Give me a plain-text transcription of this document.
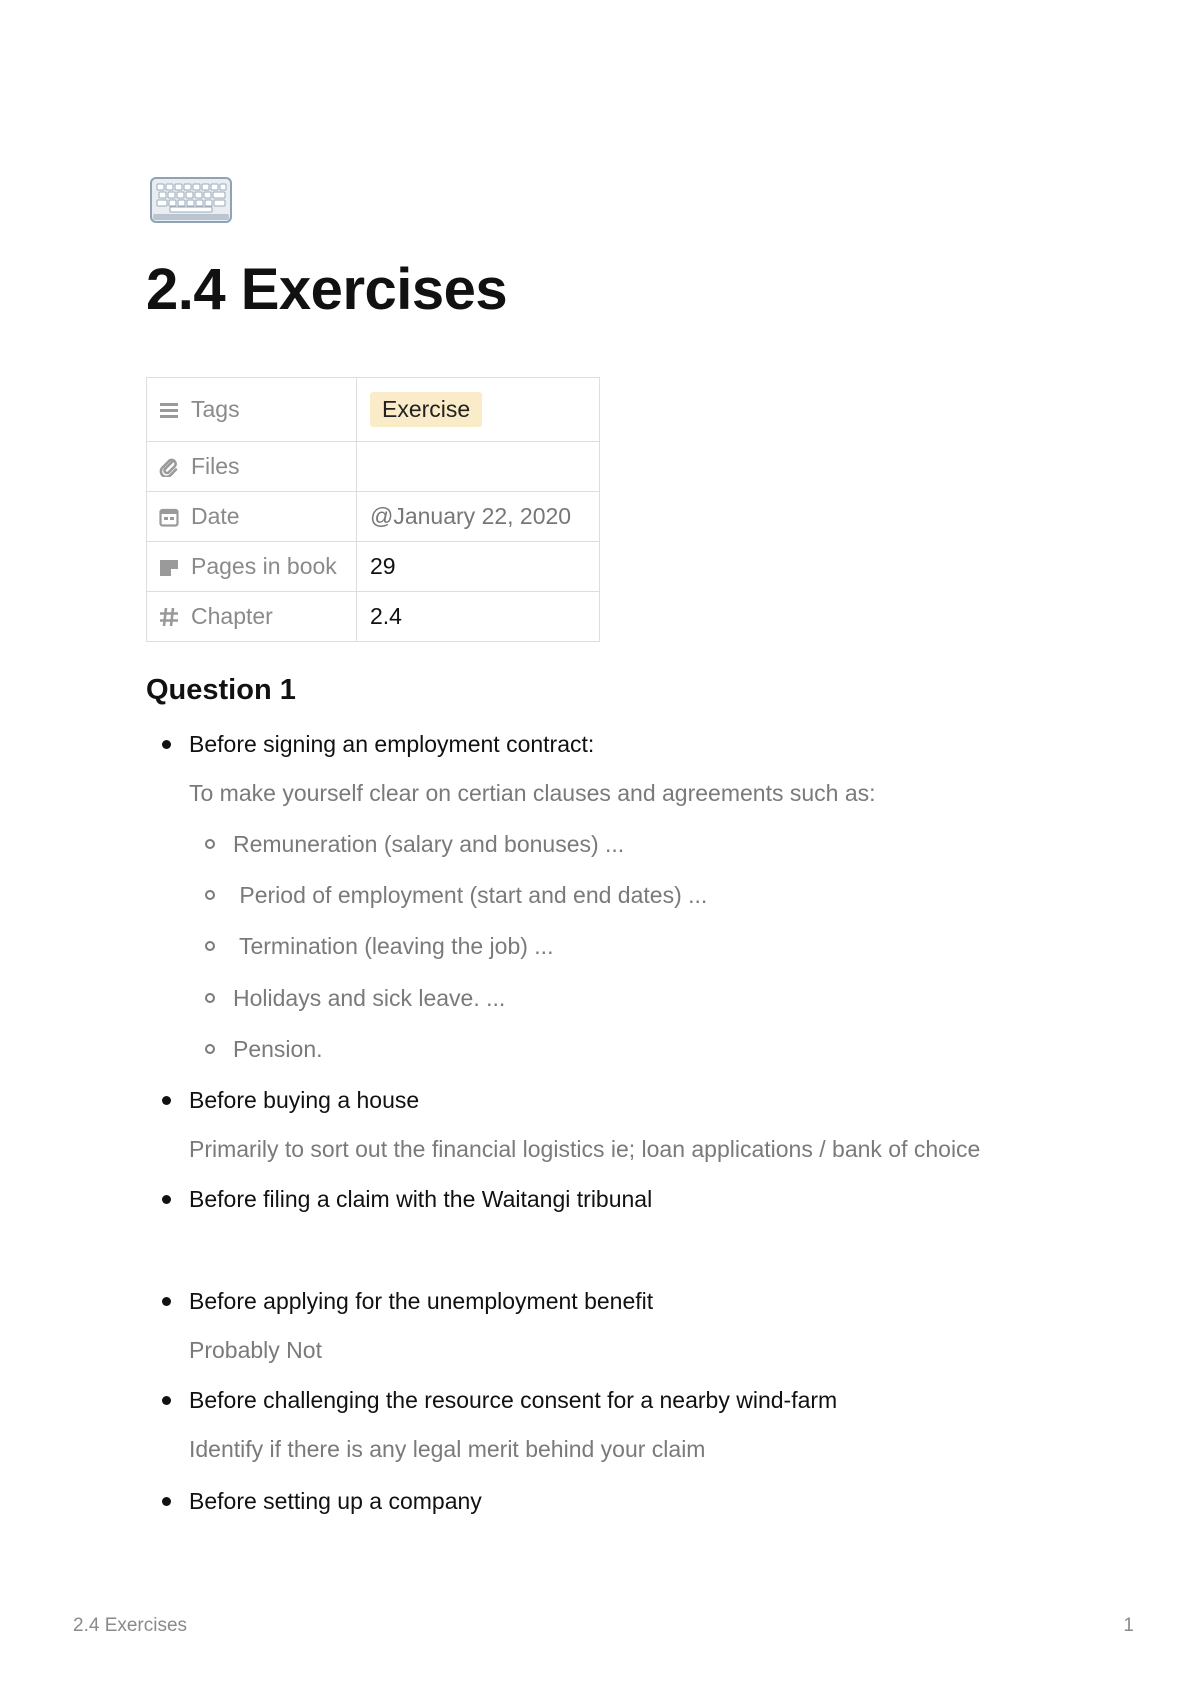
2.4 Exercises
Tags	Exercise

Files	

Date	@January 22, 2020

Pages in book	29

Chapter	2.4
Question 1
Before signing an employment contract:
To make yourself clear on certian clauses and agreements such as:
Remuneration (salary and bonuses) ...
Period of employment (start and end dates) ...
Termination (leaving the job) ...
Holidays and sick leave. ...
Pension.
Before buying a house
Primarily to sort out the financial logistics ie; loan applications / bank of choice
Before filing a claim with the Waitangi tribunal
Before applying for the unemployment benefit
Probably Not
Before challenging the resource consent for a nearby wind-farm
Identify if there is any legal merit behind your claim
Before setting up a company
2.4 Exercises	1
